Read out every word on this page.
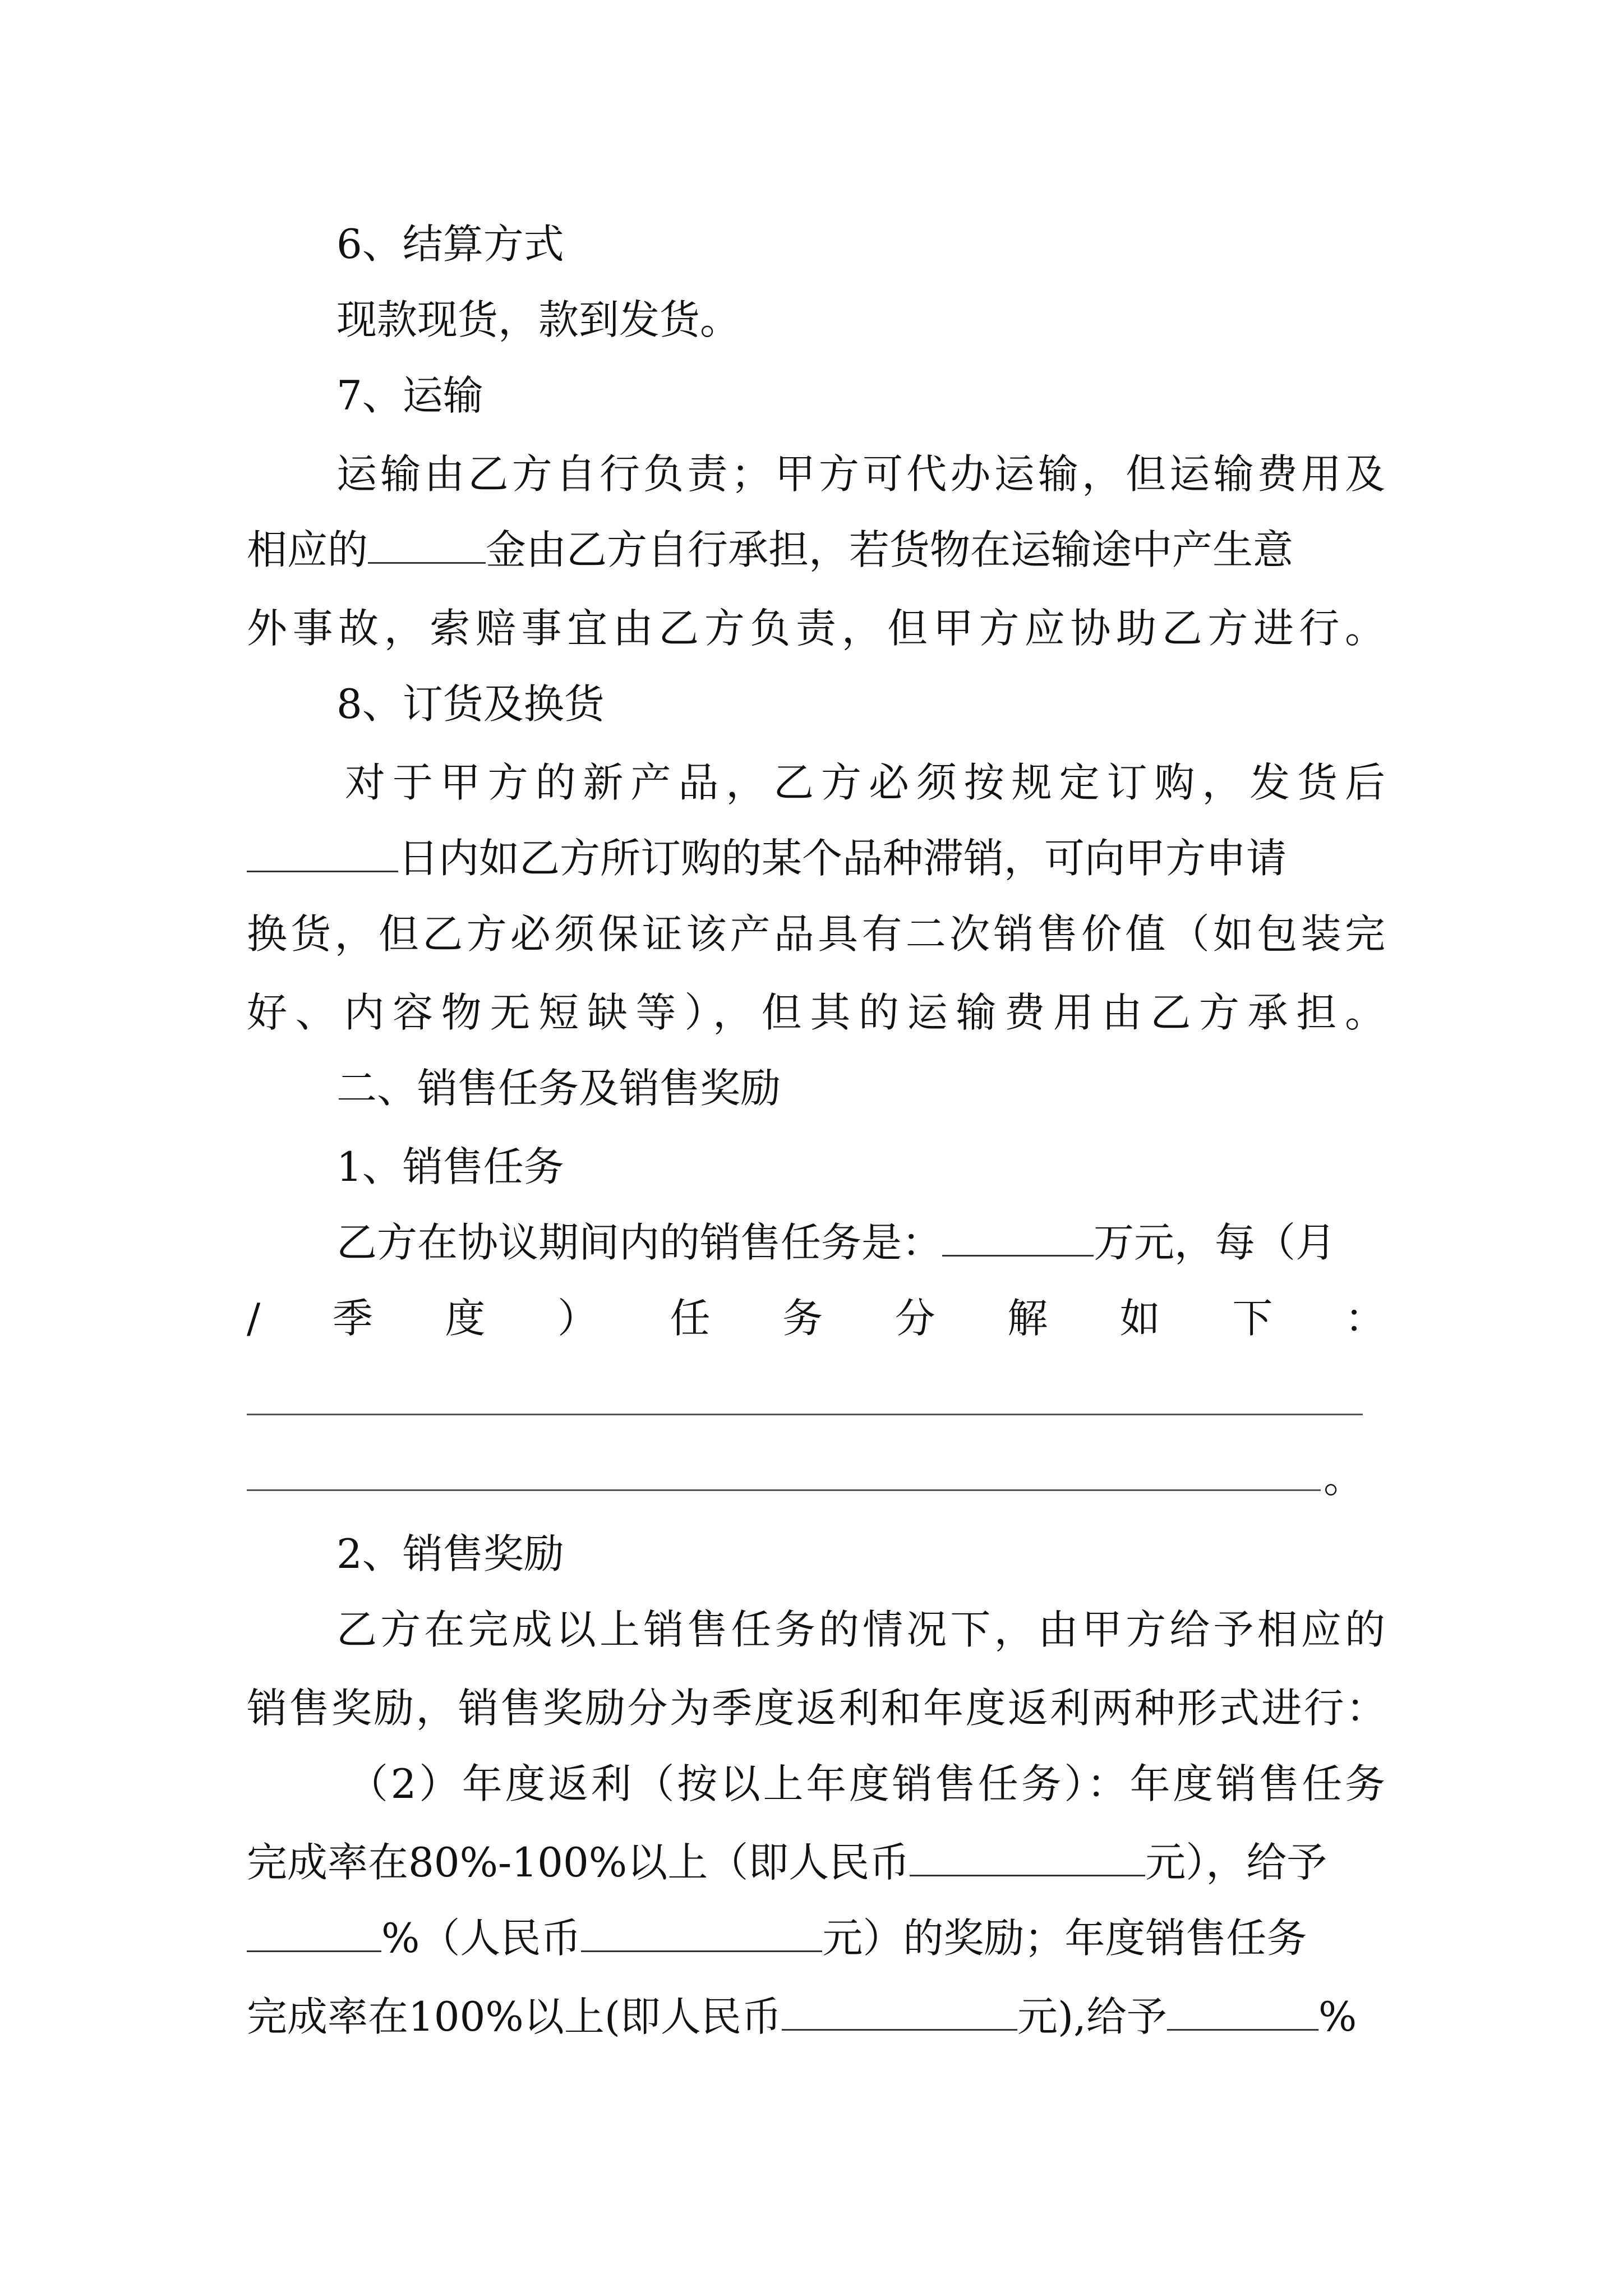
6、结算方式
现款现货，款到发货。
7、运输
运输由乙方自行负责；甲方可代办运输，但运输费用及
相应的	金由乙方自行承担，若货物在运输途中产生意
外事故，索赔事宜由乙方负责，但甲方应协助乙方进行。
8、订货及换货
对于甲方的新产品，乙方必须按规定订购，发货后
日内如乙方所订购的某个品种滞销，可向甲方申请
换货，但乙方必须保证该产品具有二次销售价值（如包装完
好、内容物无短缺等），但其的运输费用由乙方承担。
二、销售任务及销售奖励
1、销售任务
乙方在协议期间内的销售任务是：	万元，每（月
/ 季 度 ） 任 务 分 解 如 下 ：
。
2、销售奖励
乙方在完成以上销售任务的情况下，由甲方给予相应的
销售奖励，销售奖励分为季度返利和年度返利两种形式进行：
（2）年度返利（按以上年度销售任务）：年度销售任务
完成率在80%-100%以上（即人民币	元），给予
%（人民币	元）的奖励；年度销售任务
完成率在100%以上(即人民币	元),给予	%
